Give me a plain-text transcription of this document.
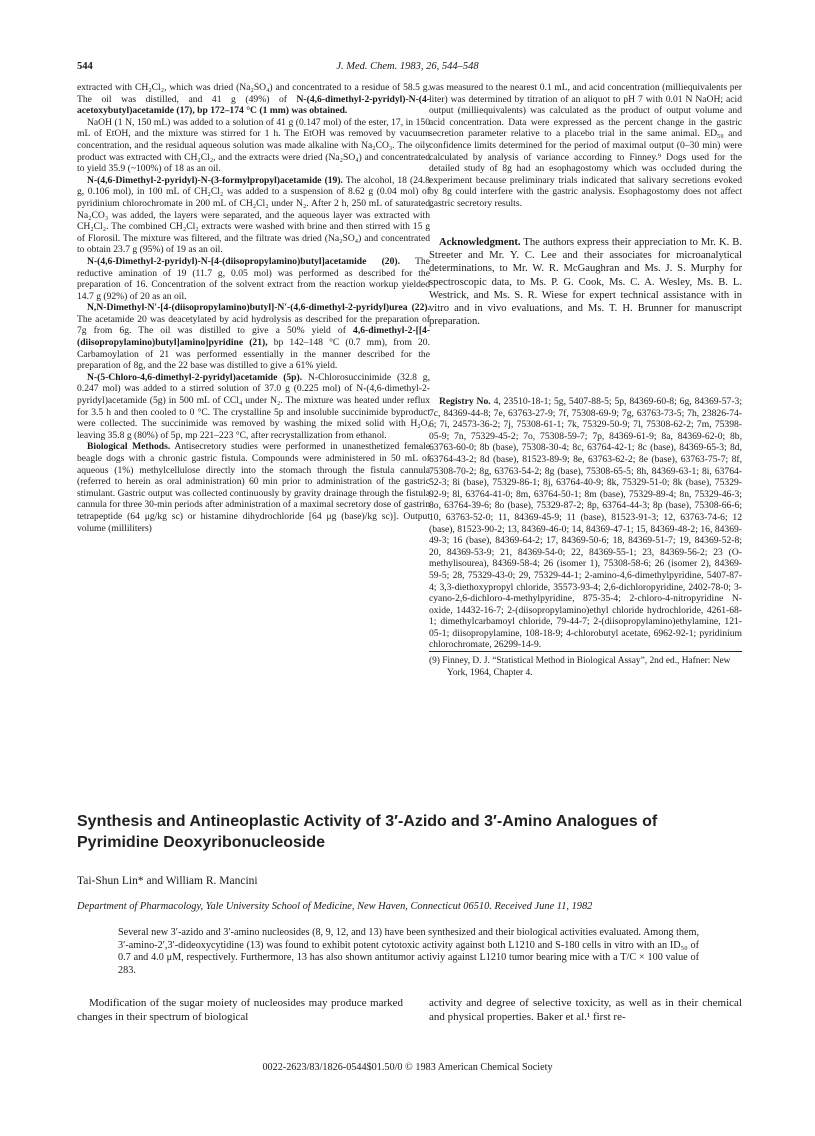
544	J. Med. Chem. 1983, 26, 544–548

extracted with CH₂Cl₂, which was dried (Na₂SO₄) and concentrated to a residue of 58.5 g. The oil was distilled, and 41 g (49%) of N-(4,6-dimethyl-2-pyridyl)-N-(4-acetoxybutyl)acetamide (17), bp 172–174 °C (1 mm) was obtained.

NaOH (1 N, 150 mL) was added to a solution of 41 g (0.147 mol) of the ester, 17, in 150 mL of EtOH, and the mixture was stirred for 1 h. The EtOH was removed by vacuum concentration, and the residual aqueous solution was made alkaline with Na₂CO₃. The oily product was extracted with CH₂Cl₂, and the extracts were dried (Na₂SO₄) and concentrated to yield 35.9 (~100%) of 18 as an oil.

N-(4,6-Dimethyl-2-pyridyl)-N-(3-formylpropyl)acetamide (19). The alcohol, 18 (24.8 g, 0.106 mol), in 100 mL of CH₂Cl₂ was added to a suspension of 8.62 g (0.04 mol) of pyridinium chlorochromate in 200 mL of CH₂Cl₂ under N₂. After 2 h, 250 mL of saturated Na₂CO₃ was added, the layers were separated, and the aqueous layer was extracted with CH₂Cl₂. The combined CH₂Cl₂ extracts were washed with brine and then stirred with 15 g of Florosil. The mixture was filtered, and the filtrate was dried (Na₂SO₄) and concentrated to obtain 23.7 g (95%) of 19 as an oil.

N-(4,6-Dimethyl-2-pyridyl)-N-[4-(diisopropylamino)butyl]acetamide (20). The reductive amination of 19 (11.7 g, 0.05 mol) was performed as described for the preparation of 16. Concentration of the solvent extract from the reaction workup yielded 14.7 g (92%) of 20 as an oil.

N,N-Dimethyl-N′-[4-(diisopropylamino)butyl]-N′-(4,6-dimethyl-2-pyridyl)urea (22). The acetamide 20 was deacetylated by acid hydrolysis as described for the preparation of 7g from 6g. The oil was distilled to give a 50% yield of 4,6-dimethyl-2-[[4-(diisopropylamino)butyl]amino]pyridine (21), bp 142–148 °C (0.7 mm), from 20. Carbamoylation of 21 was performed essentially in the manner described for the preparation of 8g, and the 22 base was distilled to give a 61% yield.

N-(5-Chloro-4,6-dimethyl-2-pyridyl)acetamide (5p). N-Chlorosuccinimide (32.8 g, 0.247 mol) was added to a stirred solution of 37.0 g (0.225 mol) of N-(4,6-dimethyl-2-pyridyl)acetamide (5g) in 500 mL of CCl₄ under N₂. The mixture was heated under reflux for 3.5 h and then cooled to 0 °C. The crystalline 5p and insoluble succinimide byproduct were collected. The succinimide was removed by washing the mixed solid with H₂O, leaving 35.8 g (80%) of 5p, mp 221–223 °C, after recrystallization from ethanol.

Biological Methods. Antisecretory studies were performed in unanesthetized female beagle dogs with a chronic gastric fistula. Compounds were administered in 50 mL of aqueous (1%) methylcellulose directly into the stomach through the fistula cannula (referred to herein as oral administration) 60 min prior to administration of the gastric stimulant. Gastric output was collected continuously by gravity drainage through the fistula cannula for three 30-min periods after administration of a maximal secretory dose of gastrin tetrapeptide (64 μg/kg sc) or histamine dihydrochloride [64 μg (base)/kg sc)]. Output volume (milliliters)

was measured to the nearest 0.1 mL, and acid concentration (milliequivalents per liter) was determined by titration of an aliquot to pH 7 with 0.01 N NaOH; acid output (milliequivalents) was calculated as the product of output volume and acid concentration. Data were expressed as the percent change in the gastric secretion parameter relative to a placebo trial in the same animal. ED₅₀ and confidence limits determined for the period of maximal output (0–30 min) were calculated by analysis of variance according to Finney.⁹ Dogs used for the detailed study of 8g had an esophagostomy which was occluded during the experiment because preliminary trials indicated that salivary secretions evoked by 8g could interfere with the gastric analysis. Esophagostomy does not affect gastric secretory results.

Acknowledgment. The authors express their appreciation to Mr. K. B. Streeter and Mr. Y. C. Lee and their associates for microanalytical determinations, to Mr. W. R. McGaughran and Ms. J. S. Murphy for spectroscopic data, to Ms. P. G. Cook, Ms. C. A. Wesley, Ms. B. L. Westrick, and Ms. S. R. Wiese for expert technical assistance with in vitro and in vivo evaluations, and Ms. T. H. Brunner for manuscript preparation.

Registry No. 4, 23510-18-1; 5g, 5407-88-5; 5p, 84369-60-8; 6g, 84369-57-3; 7c, 84369-44-8; 7e, 63763-27-9; 7f, 75308-69-9; 7g, 63763-73-5; 7h, 23826-74-6; 7i, 24573-36-2; 7j, 75308-61-1; 7k, 75329-50-9; 7l, 75308-62-2; 7m, 75398-05-9; 7n, 75329-45-2; 7o, 75308-59-7; 7p, 84369-61-9; 8a, 84369-62-0; 8b, 63763-60-0; 8b (base), 75308-30-4; 8c, 63764-42-1; 8c (base), 84369-65-3; 8d, 63764-43-2; 8d (base), 81523-89-9; 8e, 63763-62-2; 8e (base), 63763-75-7; 8f, 75308-70-2; 8g, 63763-54-2; 8g (base), 75308-65-5; 8h, 84369-63-1; 8i, 63764-52-3; 8i (base), 75329-86-1; 8j, 63764-40-9; 8k, 75329-51-0; 8k (base), 75329-92-9; 8l, 63764-41-0; 8m, 63764-50-1; 8m (base), 75329-89-4; 8n, 75329-46-3; 8o, 63764-39-6; 8o (base), 75329-87-2; 8p, 63764-44-3; 8p (base), 75308-66-6; 10, 63763-52-0; 11, 84369-45-9; 11 (base), 81523-91-3; 12, 63763-74-6; 12 (base), 81523-90-2; 13, 84369-46-0; 14, 84369-47-1; 15, 84369-48-2; 16, 84369-49-3; 16 (base), 84369-64-2; 17, 84369-50-6; 18, 84369-51-7; 19, 84369-52-8; 20, 84369-53-9; 21, 84369-54-0; 22, 84369-55-1; 23, 84369-56-2; 23 (O-methylisourea), 84369-58-4; 26 (isomer 1), 75308-58-6; 26 (isomer 2), 84369-59-5; 28, 75329-43-0; 29, 75329-44-1; 2-amino-4,6-dimethylpyridine, 5407-87-4; 3,3-diethoxypropyl chloride, 35573-93-4; 2,6-dichloropyridine, 2402-78-0; 3-cyano-2,6-dichloro-4-methylpyridine, 875-35-4; 2-chloro-4-nitropyridine N-oxide, 14432-16-7; 2-(diisopropylamino)ethyl chloride hydrochloride, 4261-68-1; dimethylcarbamoyl chloride, 79-44-7; 2-(diisopropylamino)ethylamine, 121-05-1; diisopropylamine, 108-18-9; 4-chlorobutyl acetate, 6962-92-1; pyridinium chlorochromate, 26299-14-9.

(9) Finney, D. J. “Statistical Method in Biological Assay”, 2nd ed., Hafner: New York, 1964, Chapter 4.

Synthesis and Antineoplastic Activity of 3′-Azido and 3′-Amino Analogues of Pyrimidine Deoxyribonucleoside
Tai-Shun Lin* and William R. Mancini
Department of Pharmacology, Yale University School of Medicine, New Haven, Connecticut 06510. Received June 11, 1982
Several new 3′-azido and 3′-amino nucleosides (8, 9, 12, and 13) have been synthesized and their biological activities evaluated. Among them, 3′-amino-2′,3′-dideoxycytidine (13) was found to exhibit potent cytotoxic activity against both L1210 and S-180 cells in vitro with an ID₅₀ of 0.7 and 4.0 μM, respectively. Furthermore, 13 has also shown antitumor activiy against L1210 tumor bearing mice with a T/C × 100 value of 283.
Modification of the sugar moiety of nucleosides may produce marked changes in their spectrum of biological
activity and degree of selective toxicity, as well as in their chemical and physical properties. Baker et al.¹ first re-
0022-2623/83/1826-0544$01.50/0 © 1983 American Chemical Society
